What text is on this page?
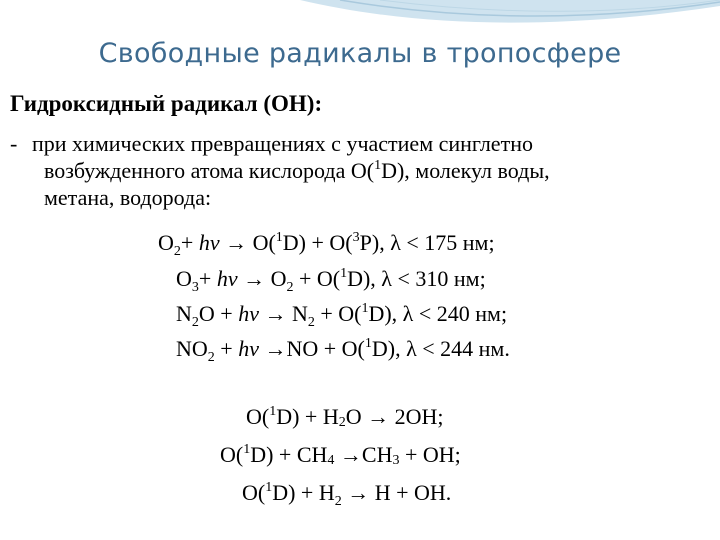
Свободные радикалы в тропосфере
Гидроксидный радикал (ОН):
- при химических превращениях с участием синглетно
возбужденного атома кислорода О($^1$D), молекул воды,
метана, водорода:
$O_2+ h\nu \to O(^1D) + O(^3P)$, λ < 175 нм;
$O_3+ h\nu \to O_2 + O(^1D)$, λ < 310 нм;
$N_2O + h\nu \to N_2 + O(^1D)$, λ < 240 нм;
$NO_2 + h\nu \to NO + O(^1D)$, λ < 244 нм.
O($^1$D) + H2O → 2OH;
O($^1$D) + CH4 →CH3 + OH;
$O(^1D) + H_2 \to H$ + OH.
